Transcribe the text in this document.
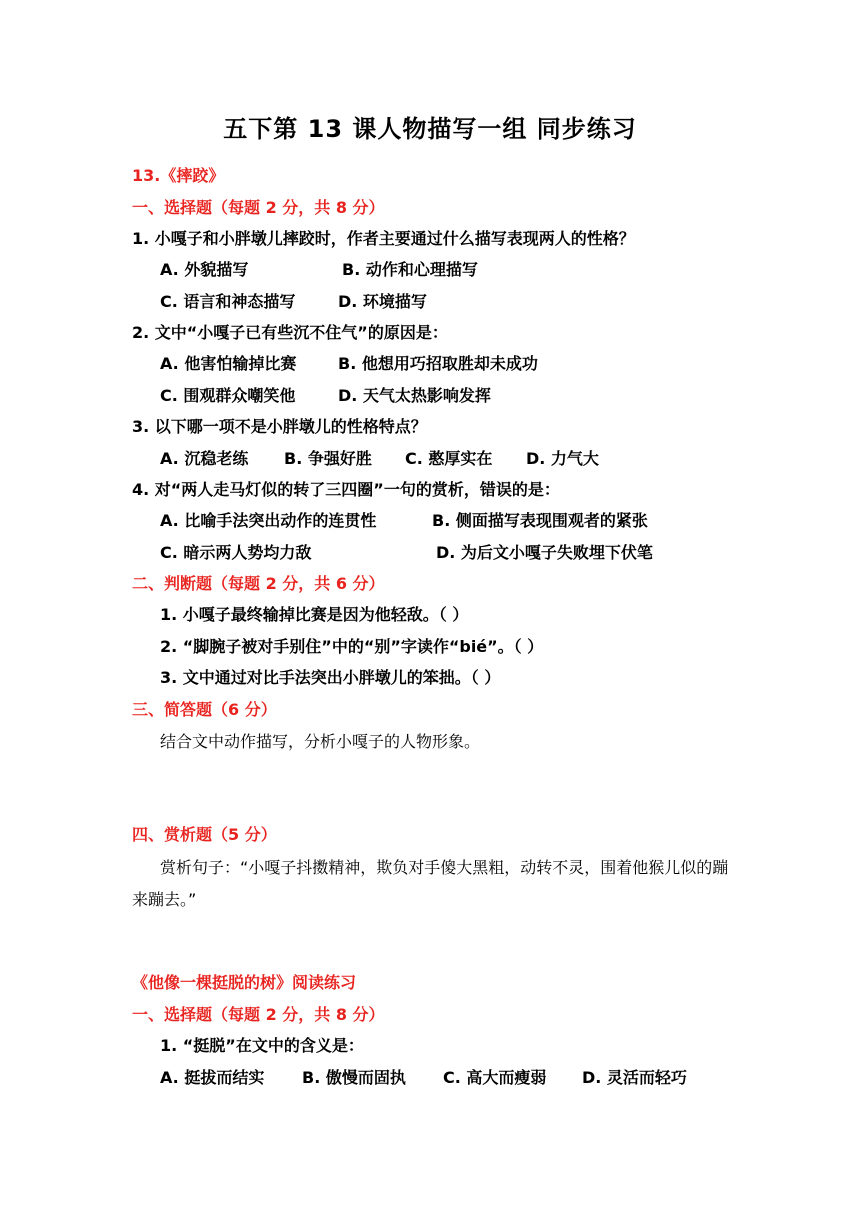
五下第 13 课人物描写一组 同步练习
13.《摔跤》
一、选择题（每题 2 分，共 8 分）
1. 小嘎子和小胖墩儿摔跤时，作者主要通过什么描写表现两人的性格？
A. 外貌描写	B. 动作和心理描写
C. 语言和神态描写	D. 环境描写
2. 文中“小嘎子已有些沉不住气”的原因是：
A. 他害怕输掉比赛	B. 他想用巧招取胜却未成功
C. 围观群众嘲笑他	D. 天气太热影响发挥
3. 以下哪一项不是小胖墩儿的性格特点？
A. 沉稳老练 B. 争强好胜 C. 憨厚实在 D. 力气大
4. 对“两人走马灯似的转了三四圈”一句的赏析，错误的是：
A. 比喻手法突出动作的连贯性	B. 侧面描写表现围观者的紧张
C. 暗示两人势均力敌	D. 为后文小嘎子失败埋下伏笔
二、判断题（每题 2 分，共 6 分）
1. 小嘎子最终输掉比赛是因为他轻敌。（ ）
2. “脚腕子被对手别住”中的“别”字读作“bié”。（ ）
3. 文中通过对比手法突出小胖墩儿的笨拙。（ ）
三、简答题（6 分）
结合文中动作描写，分析小嘎子的人物形象。
四、赏析题（5 分）
赏析句子：“小嘎子抖擞精神，欺负对手傻大黑粗，动转不灵，围着他猴儿似的蹦来蹦去。”
《他像一棵挺脱的树》阅读练习
一、选择题（每题 2 分，共 8 分）
1. “挺脱”在文中的含义是：
A. 挺拔而结实 B. 傲慢而固执 C. 高大而瘦弱 D. 灵活而轻巧
